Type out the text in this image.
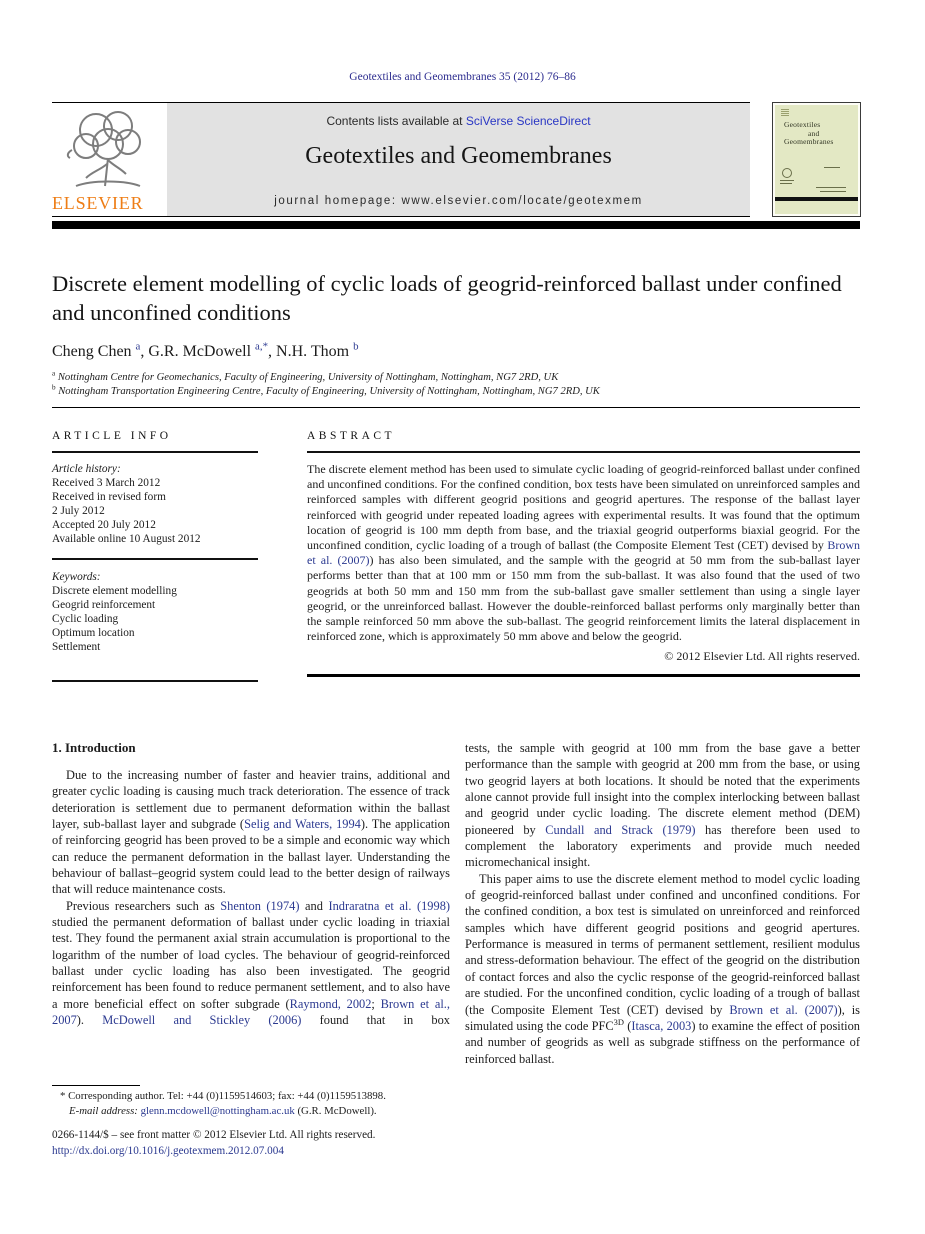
Geotextiles and Geomembranes 35 (2012) 76–86
ELSEVIER
Contents lists available at SciVerse ScienceDirect
Geotextiles and Geomembranes
journal homepage: www.elsevier.com/locate/geotexmem
Geotextiles
and
Geomembranes
Discrete element modelling of cyclic loads of geogrid-reinforced ballast under confined and unconfined conditions
Cheng Chen $^a$, G.R. McDowell $^{a,*}$, N.H. Thom $^b$
$^a$ Nottingham Centre for Geomechanics, Faculty of Engineering, University of Nottingham, Nottingham, NG7 2RD, UK
$^b$ Nottingham Transportation Engineering Centre, Faculty of Engineering, University of Nottingham, Nottingham, NG7 2RD, UK
ARTICLE INFO
Article history:
Received 3 March 2012
Received in revised form
2 July 2012
Accepted 20 July 2012
Available online 10 August 2012
Keywords:
Discrete element modelling
Geogrid reinforcement
Cyclic loading
Optimum location
Settlement
ABSTRACT

The discrete element method has been used to simulate cyclic loading of geogrid-reinforced ballast under confined and unconfined conditions. For the confined condition, box tests have been simulated on unreinforced samples and reinforced samples with different geogrid positions and geogrid apertures. The response of the ballast layer reinforced with geogrid under repeated loading agrees with experimental results. It was found that the optimum location of geogrid is 100 mm depth from base, and the triaxial geogrid outperforms biaxial geogrid. For the unconfined condition, cyclic loading of a trough of ballast (the Composite Element Test (CET) devised by Brown et al. (2007)) has also been simulated, and the sample with the geogrid at 50 mm from the sub-ballast layer performs better than that at 100 mm or 150 mm from the sub-ballast. It was also found that the used of two geogrids at both 50 mm and 150 mm from the sub-ballast gave smaller settlement than using a single layer geogrid, or the unreinforced ballast. However the double-reinforced ballast performs only marginally better than the sample reinforced 50 mm above the sub-ballast. The geogrid reinforcement limits the lateral displacement in reinforced zone, which is approximately 50 mm above and below the geogrid.

© 2012 Elsevier Ltd. All rights reserved.
1. Introduction

Due to the increasing number of faster and heavier trains, additional and greater cyclic loading is causing much track deterioration. The essence of track deterioration is settlement due to permanent deformation within the ballast layer, sub-ballast layer and subgrade (Selig and Waters, 1994). The application of reinforcing geogrid has been proved to be a simple and economic way which can reduce the permanent deformation in the ballast layer. Understanding the behaviour of ballast–geogrid system could lead to the better design of railways that will reduce maintenance costs.

Previous researchers such as Shenton (1974) and Indraratna et al. (1998) studied the permanent deformation of ballast under cyclic loading in triaxial test. They found the permanent axial strain accumulation is proportional to the logarithm of the number of load cycles. The behaviour of geogrid-reinforced ballast under cyclic loading has also been investigated. The geogrid reinforcement has been found to reduce permanent settlement, and to also have a more beneficial effect on softer subgrade (Raymond, 2002; Brown et al., 2007). McDowell and Stickley (2006) found that in box

tests, the sample with geogrid at 100 mm from the base gave a better performance than the sample with geogrid at 200 mm from the base, or using two geogrid layers at both locations. It should be noted that the experiments alone cannot provide full insight into the complex interlocking between ballast and geogrid under cyclic loading. The discrete element method (DEM) pioneered by Cundall and Strack (1979) has therefore been used to complement the laboratory experiments and provide much needed micromechanical insight.

This paper aims to use the discrete element method to model cyclic loading of geogrid-reinforced ballast under confined and unconfined conditions. For the confined condition, a box test is simulated on unreinforced and reinforced samples which have different geogrid positions and geogrid apertures. Performance is measured in terms of permanent settlement, resilient modulus and stress-deformation behaviour. The effect of the geogrid on the distribution of contact forces and also the cyclic response of the geogrid-reinforced ballast are studied. For the unconfined condition, cyclic loading of a trough of ballast (the Composite Element Test (CET) devised by Brown et al. (2007)), is simulated using the code $PFC^{3D}$ (Itasca, 2003) to examine the effect of position and number of geogrids as well as subgrade stiffness on the performance of reinforced ballast.

* Corresponding author. Tel: +44 (0)1159514603; fax: +44 (0)1159513898.
E-mail address: glenn.mcdowell@nottingham.ac.uk (G.R. McDowell).
0266-1144/$ – see front matter © 2012 Elsevier Ltd. All rights reserved.
http://dx.doi.org/10.1016/j.geotexmem.2012.07.004
